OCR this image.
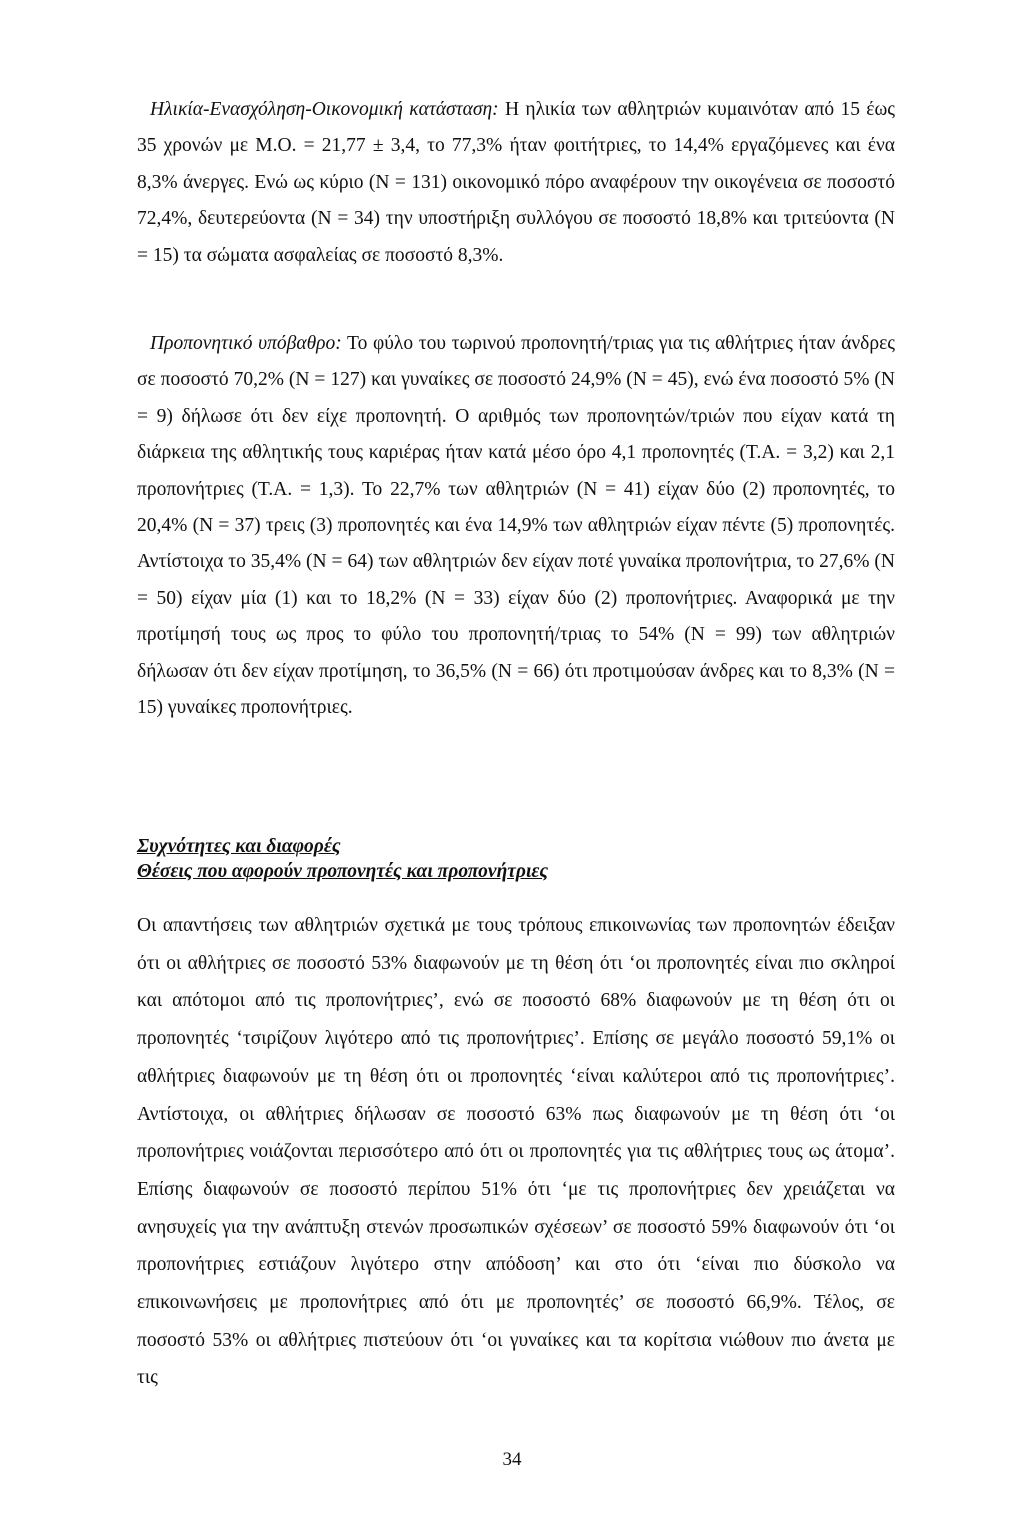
Ηλικία-Ενασχόληση-Οικονομική κατάσταση: Η ηλικία των αθλητριών κυμαινόταν από 15 έως 35 χρονών με Μ.Ο. = 21,77 ± 3,4, το 77,3% ήταν φοιτήτριες, το 14,4% εργαζόμενες και ένα 8,3% άνεργες. Ενώ ως κύριο (Ν = 131) οικονομικό πόρο αναφέρουν την οικογένεια σε ποσοστό 72,4%, δευτερεύοντα (Ν = 34) την υποστήριξη συλλόγου σε ποσοστό 18,8% και τριτεύοντα (Ν = 15) τα σώματα ασφαλείας σε ποσοστό 8,3%.

Προπονητικό υπόβαθρο: Το φύλο του τωρινού προπονητή/τριας για τις αθλήτριες ήταν άνδρες σε ποσοστό 70,2% (Ν = 127) και γυναίκες σε ποσοστό 24,9% (Ν = 45), ενώ ένα ποσοστό 5% (Ν = 9) δήλωσε ότι δεν είχε προπονητή. Ο αριθμός των προπονητών/τριών που είχαν κατά τη διάρκεια της αθλητικής τους καριέρας ήταν κατά μέσο όρο 4,1 προπονητές (Τ.Α. = 3,2) και 2,1 προπονήτριες (Τ.Α. = 1,3). Το 22,7% των αθλητριών (Ν = 41) είχαν δύο (2) προπονητές, το 20,4% (Ν = 37) τρεις (3) προπονητές και ένα 14,9% των αθλητριών είχαν πέντε (5) προπονητές. Αντίστοιχα το 35,4% (Ν = 64) των αθλητριών δεν είχαν ποτέ γυναίκα προπονήτρια, το 27,6% (Ν = 50) είχαν μία (1) και το 18,2% (Ν = 33) είχαν δύο (2) προπονήτριες. Αναφορικά με την προτίμησή τους ως προς το φύλο του προπονητή/τριας το 54% (Ν = 99) των αθλητριών δήλωσαν ότι δεν είχαν προτίμηση, το 36,5% (Ν = 66) ότι προτιμούσαν άνδρες και το 8,3% (Ν = 15) γυναίκες προπονήτριες.

Συχνότητες και διαφορές
Θέσεις που αφορούν προπονητές και προπονήτριες

Οι απαντήσεις των αθλητριών σχετικά με τους τρόπους επικοινωνίας των προπονητών έδειξαν ότι οι αθλήτριες σε ποσοστό 53% διαφωνούν με τη θέση ότι ‘οι προπονητές είναι πιο σκληροί και απότομοι από τις προπονήτριες’, ενώ σε ποσοστό 68% διαφωνούν με τη θέση ότι οι προπονητές ‘τσιρίζουν λιγότερο από τις προπονήτριες’. Επίσης σε μεγάλο ποσοστό 59,1% οι αθλήτριες διαφωνούν με τη θέση ότι οι προπονητές ‘είναι καλύτεροι από τις προπονήτριες’. Αντίστοιχα, οι αθλήτριες δήλωσαν σε ποσοστό 63% πως διαφωνούν με τη θέση ότι ‘οι προπονήτριες νοιάζονται περισσότερο από ότι οι προπονητές για τις αθλήτριες τους ως άτομα’. Επίσης διαφωνούν σε ποσοστό περίπου 51% ότι ‘με τις προπονήτριες δεν χρειάζεται να ανησυχείς για την ανάπτυξη στενών προσωπικών σχέσεων’ σε ποσοστό 59% διαφωνούν ότι ‘οι προπονήτριες εστιάζουν λιγότερο στην απόδοση’ και στο ότι ‘είναι πιο δύσκολο να επικοινωνήσεις με προπονήτριες από ότι με προπονητές’ σε ποσοστό 66,9%. Τέλος, σε ποσοστό 53% οι αθλήτριες πιστεύουν ότι ‘οι γυναίκες και τα κορίτσια νιώθουν πιο άνετα με τις

34
